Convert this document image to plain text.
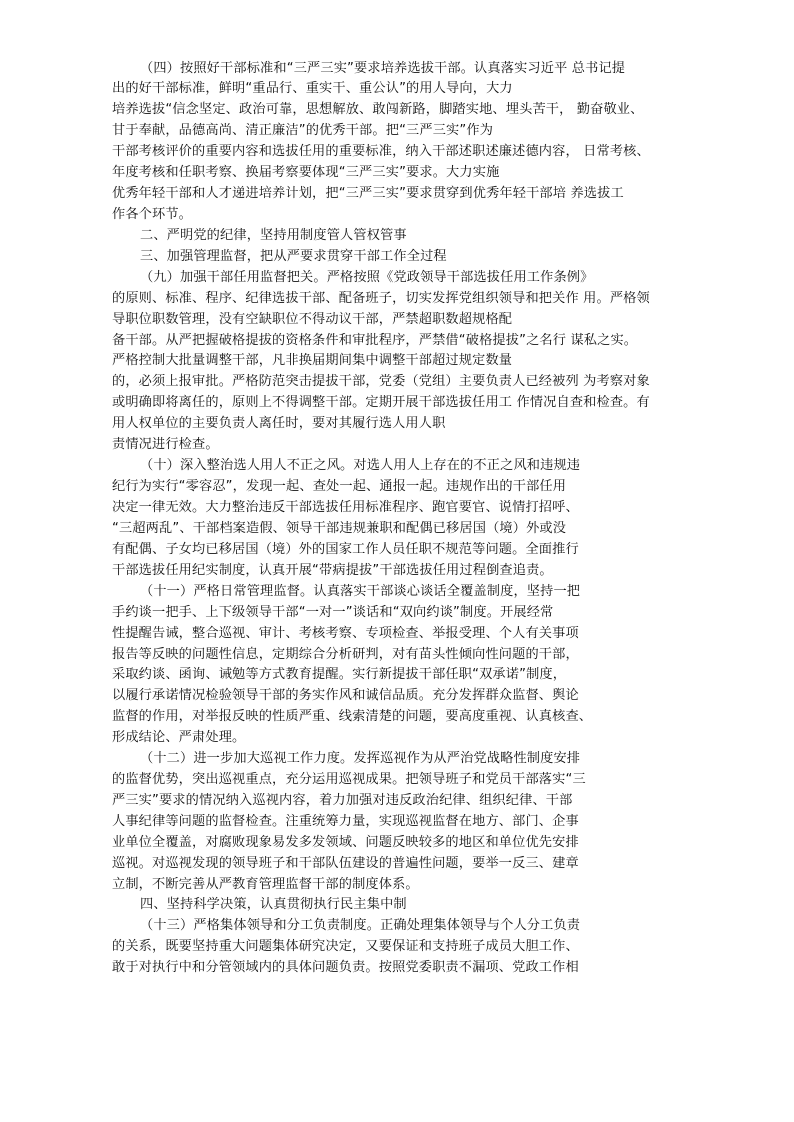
（四）按照好干部标准和“三严三实”要求培养选拔干部。认真落实习近平 总书记提
出的好干部标准，鲜明“重品行、重实干、重公认”的用人导向，大力
培养选拔“信念坚定、政治可靠，思想解放、敢闯新路，脚踏实地、埋头苦干， 勤奋敬业、
甘于奉献，品德高尚、清正廉洁”的优秀干部。把“三严三实”作为
干部考核评价的重要内容和选拔任用的重要标准，纳入干部述职述廉述德内容， 日常考核、
年度考核和任职考察、换届考察要体现“三严三实”要求。大力实施
优秀年轻干部和人才递进培养计划，把“三严三实”要求贯穿到优秀年轻干部培 养选拔工
作各个环节。
二、严明党的纪律，坚持用制度管人管权管事
三、加强管理监督，把从严要求贯穿干部工作全过程
（九）加强干部任用监督把关。严格按照《党政领导干部选拔任用工作条例》
的原则、标准、程序、纪律选拔干部、配备班子，切实发挥党组织领导和把关作 用。严格领
导职位职数管理，没有空缺职位不得动议干部，严禁超职数超规格配
备干部。从严把握破格提拔的资格条件和审批程序，严禁借“破格提拔”之名行 谋私之实。
严格控制大批量调整干部，凡非换届期间集中调整干部超过规定数量
的，必须上报审批。严格防范突击提拔干部，党委（党组）主要负责人已经被列 为考察对象
或明确即将离任的，原则上不得调整干部。定期开展干部选拔任用工 作情况自查和检查。有
用人权单位的主要负责人离任时，要对其履行选人用人职
责情况进行检查。
（十）深入整治选人用人不正之风。对选人用人上存在的不正之风和违规违
纪行为实行“零容忍”，发现一起、查处一起、通报一起。违规作出的干部任用
决定一律无效。大力整治违反干部选拔任用标准程序、跑官要官、说情打招呼、
“三超两乱”、干部档案造假、领导干部违规兼职和配偶已移居国（境）外或没
有配偶、子女均已移居国（境）外的国家工作人员任职不规范等问题。全面推行
干部选拔任用纪实制度，认真开展“带病提拔”干部选拔任用过程倒查追责。
（十一）严格日常管理监督。认真落实干部谈心谈话全覆盖制度，坚持一把
手约谈一把手、上下级领导干部“一对一”谈话和“双向约谈”制度。开展经常
性提醒告诫，整合巡视、审计、考核考察、专项检查、举报受理、个人有关事项
报告等反映的问题性信息，定期综合分析研判，对有苗头性倾向性问题的干部，
采取约谈、函询、诫勉等方式教育提醒。实行新提拔干部任职“双承诺”制度，
以履行承诺情况检验领导干部的务实作风和诚信品质。充分发挥群众监督、舆论
监督的作用，对举报反映的性质严重、线索清楚的问题，要高度重视、认真核查、
形成结论、严肃处理。
（十二）进一步加大巡视工作力度。发挥巡视作为从严治党战略性制度安排
的监督优势，突出巡视重点，充分运用巡视成果。把领导班子和党员干部落实“三
严三实”要求的情况纳入巡视内容，着力加强对违反政治纪律、组织纪律、干部
人事纪律等问题的监督检查。注重统筹力量，实现巡视监督在地方、部门、企事
业单位全覆盖，对腐败现象易发多发领域、问题反映较多的地区和单位优先安排
巡视。对巡视发现的领导班子和干部队伍建设的普遍性问题，要举一反三、建章
立制，不断完善从严教育管理监督干部的制度体系。
四、坚持科学决策，认真贯彻执行民主集中制
（十三）严格集体领导和分工负责制度。正确处理集体领导与个人分工负责
的关系，既要坚持重大问题集体研究决定，又要保证和支持班子成员大胆工作、
敢于对执行中和分管领域内的具体问题负责。按照党委职责不漏项、党政工作相
